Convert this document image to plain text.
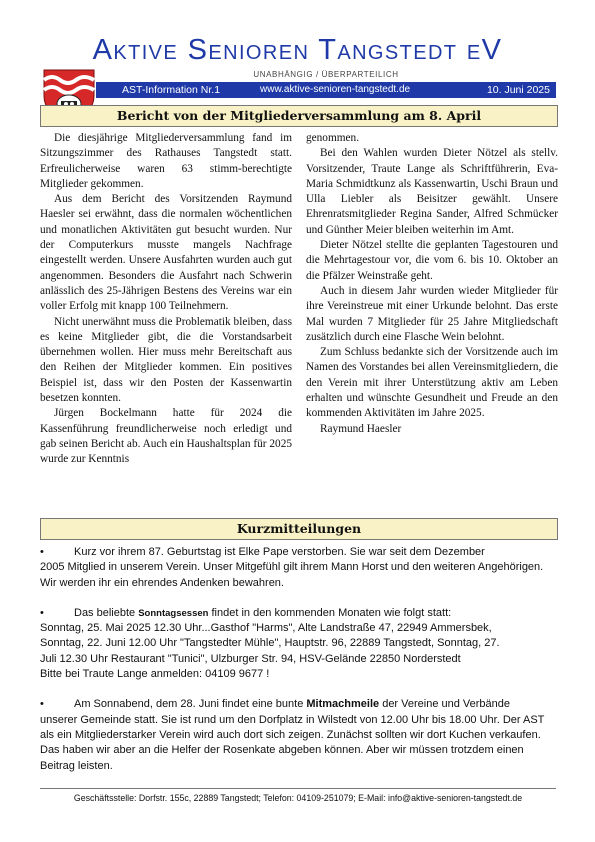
Aktive Senioren Tangstedt eV
UNABHÄNGIG / ÜBERPARTEILICH
AST-Information Nr.1	www.aktive-senioren-tangstedt.de	10. Juni 2025
Bericht von der Mitgliederversammlung am 8. April

Die diesjährige Mitgliederversammlung fand im Sitzungszimmer des Rathauses Tangstedt statt. Erfreulicherweise waren 63 stimm-berechtigte Mitglieder gekommen.

Aus dem Bericht des Vorsitzenden Raymund Haesler sei erwähnt, dass die normalen wöchentlichen und monatlichen Aktivitäten gut besucht wurden. Nur der Computerkurs musste mangels Nachfrage eingestellt werden. Unsere Ausfahrten wurden auch gut angenommen. Besonders die Ausfahrt nach Schwerin anlässlich des 25-Jährigen Bestens des Vereins war ein voller Erfolg mit knapp 100 Teilnehmern.

Nicht unerwähnt muss die Problematik bleiben, dass es keine Mitglieder gibt, die die Vorstandsarbeit übernehmen wollen. Hier muss mehr Bereitschaft aus den Reihen der Mitglieder kommen. Ein positives Beispiel ist, dass wir den Posten der Kassenwartin besetzen konnten.

Jürgen Bockelmann hatte für 2024 die Kassenführung freundlicherweise noch erledigt und gab seinen Bericht ab. Auch ein Haushaltsplan für 2025 wurde zur Kenntnis

genommen.

Bei den Wahlen wurden Dieter Nötzel als stellv. Vorsitzender, Traute Lange als Schriftführerin, Eva-Maria Schmidtkunz als Kassenwartin, Uschi Braun und Ulla Liebler als Beisitzer gewählt. Unsere Ehrenratsmitglieder Regina Sander, Alfred Schmücker und Günther Meier bleiben weiterhin im Amt.

Dieter Nötzel stellte die geplanten Tagestouren und die Mehrtagestour vor, die vom 6. bis 10. Oktober an die Pfälzer Weinstraße geht.

Auch in diesem Jahr wurden wieder Mitglieder für ihre Vereinstreue mit einer Urkunde belohnt. Das erste Mal wurden 7 Mitglieder für 25 Jahre Mitgliedschaft zusätzlich durch eine Flasche Wein belohnt.

Zum Schluss bedankte sich der Vorsitzende auch im Namen des Vorstandes bei allen Vereinsmitgliedern, die den Verein mit ihrer Unterstützung aktiv am Leben erhalten und wünschte Gesundheit und Freude an den kommenden Aktivitäten im Jahre 2025.

Raymund Haesler

Kurzmitteilungen
•	Kurz vor ihrem 87. Geburtstag ist Elke Pape verstorben. Sie war seit dem Dezember
2005 Mitglied in unserem Verein. Unser Mitgefühl gilt ihrem Mann Horst und den weiteren Angehörigen. Wir werden ihr ein ehrendes Andenken bewahren.
•	Das beliebte Sonntagsessen findet in den kommenden Monaten wie folgt statt:
Sonntag, 25. Mai 2025 12.30 Uhr...Gasthof "Harms", Alte Landstraße 47, 22949 Ammersbek,
Sonntag, 22. Juni 12.00 Uhr "Tangstedter Mühle", Hauptstr. 96, 22889 Tangstedt, Sonntag, 27.
Juli 12.30 Uhr Restaurant "Tunici", Ulzburger Str. 94, HSV-Gelände 22850 Norderstedt
Bitte bei Traute Lange anmelden: 04109 9677 !
•	Am Sonnabend, dem 28. Juni findet eine bunte Mitmachmeile der Vereine und Verbände
unserer Gemeinde statt. Sie ist rund um den Dorfplatz in Wilstedt von 12.00 Uhr bis 18.00 Uhr. Der AST als ein Mitgliederstarker Verein wird auch dort sich zeigen. Zunächst sollten wir dort Kuchen verkaufen. Das haben wir aber an die Helfer der Rosenkate abgeben können. Aber wir müssen trotzdem einen Beitrag leisten.
Geschäftsstelle: Dorfstr. 155c, 22889 Tangstedt; Telefon: 04109-251079; E-Mail: info@aktive-senioren-tangstedt.de
